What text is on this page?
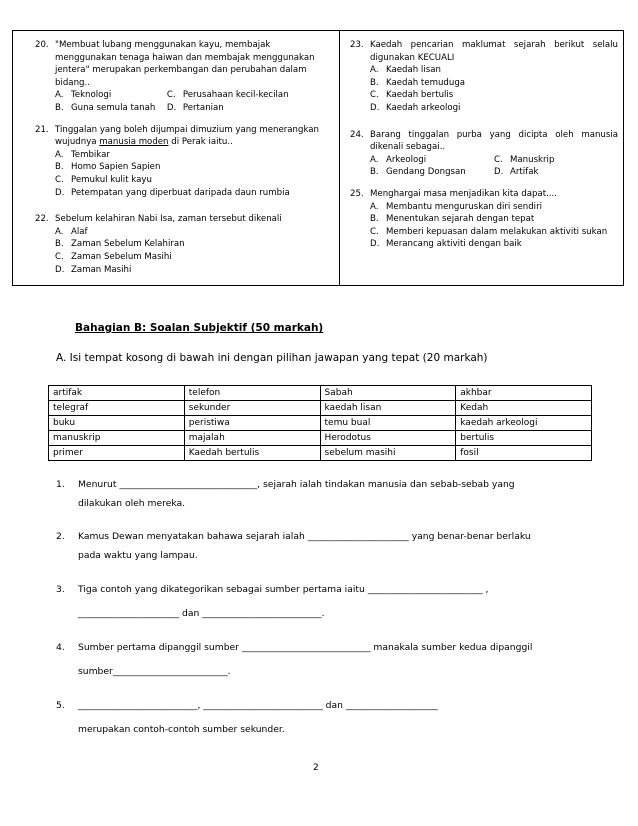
20. "Membuat lubang menggunakan kayu, membajak menggunakan tenaga haiwan dan membajak menggunakan jentera" merupakan perkembangan dan perubahan dalam bidang..
A. Teknologi	C. Perusahaan kecil-kecilan
B. Guna semula tanah	D. Pertanian
21. Tinggalan yang boleh dijumpai dimuzium yang menerangkan wujudnya manusia moden di Perak iaitu..
A. Tembikar
B. Homo Sapien Sapien
C. Pemukul kulit kayu
D. Petempatan yang diperbuat daripada daun rumbia
22. Sebelum kelahiran Nabi Isa, zaman tersebut dikenali
A. Alaf
B. Zaman Sebelum Kelahiran
C. Zaman Sebelum Masihi
D. Zaman Masihi
23. Kaedah pencarian maklumat sejarah berikut selalu digunakan KECUALI
A. Kaedah lisan
B. Kaedah temuduga
C. Kaedah bertulis
D. Kaedah arkeologi
24. Barang tinggalan purba yang dicipta oleh manusia dikenali sebagai..
A. Arkeologi	C. Manuskrip
B. Gendang Dongsan	D. Artifak
25. Menghargai masa menjadikan kita dapat....
A. Membantu menguruskan diri sendiri
B. Menentukan sejarah dengan tepat
C. Memberi kepuasan dalam melakukan aktiviti sukan
D. Merancang aktiviti dengan baik
Bahagian B: Soalan Subjektif (50 markah)
A. Isi tempat kosong di bawah ini dengan pilihan jawapan yang tepat (20 markah)
artifak	telefon	Sabah	akhbar
telegraf	sekunder	kaedah lisan	Kedah
buku	peristiwa	temu bual	kaedah arkeologi
manuskrip	majalah	Herodotus	bertulis
primer	Kaedah bertulis	sebelum masihi	fosil
1. Menurut ______________________________, sejarah ialah tindakan manusia dan sebab-sebab yang
dilakukan oleh mereka.
2. Kamus Dewan menyatakan bahawa sejarah ialah ______________________ yang benar-benar berlaku
pada waktu yang lampau.
3. Tiga contoh yang dikategorikan sebagai sumber pertama iaitu _________________________ ,
______________________ dan __________________________.
4. Sumber pertama dipanggil sumber ____________________________ manakala sumber kedua dipanggil
sumber_________________________.
5. __________________________, __________________________ dan ____________________
merupakan contoh-contoh sumber sekunder.
2
